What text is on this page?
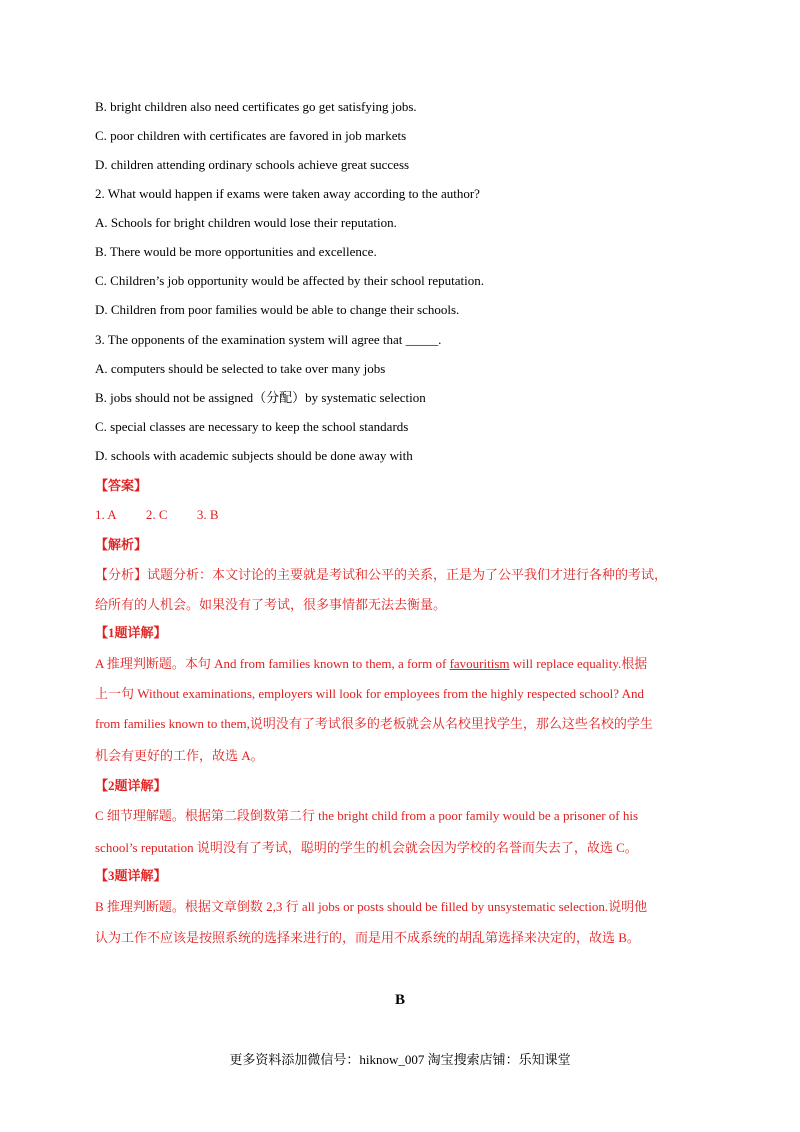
B. bright children also need certificates go get satisfying jobs.
C. poor children with certificates are favored in job markets
D. children attending ordinary schools achieve great success
2. What would happen if exams were taken away according to the author?
A. Schools for bright children would lose their reputation.
B. There would be more opportunities and excellence.
C. Children’s job opportunity would be affected by their school reputation.
D. Children from poor families would be able to change their schools.
3. The opponents of the examination system will agree that _____.
A. computers should be selected to take over many jobs
B. jobs should not be assigned（分配）by systematic selection
C. special classes are necessary to keep the school standards
D. schools with academic subjects should be done away with
【答案】
1. A 2. C 3. B
【解析】
【分析】试题分析：本文讨论的主要就是考试和公平的关系，正是为了公平我们才进行各种的考试，
给所有的人机会。如果没有了考试，很多事情都无法去衡量。
【1题详解】
A 推理判断题。本句 And from families known to them, a form of favouritism will replace equality.根据
上一句 Without examinations, employers will look for employees from the highly respected school? And
from families known to them,说明没有了考试很多的老板就会从名校里找学生，那么这些名校的学生
机会有更好的工作，故选 A。
【2题详解】
C 细节理解题。根据第二段倒数第二行 the bright child from a poor family would be a prisoner of his
school’s reputation 说明没有了考试，聪明的学生的机会就会因为学校的名誉而失去了，故选 C。
【3题详解】
B 推理判断题。根据文章倒数 2,3 行 all jobs or posts should be filled by unsystematic selection.说明他
认为工作不应该是按照系统的选择来进行的，而是用不成系统的胡乱第选择来决定的，故选 B。
B
更多资料添加微信号：hiknow_007 淘宝搜索店铺：乐知课堂
